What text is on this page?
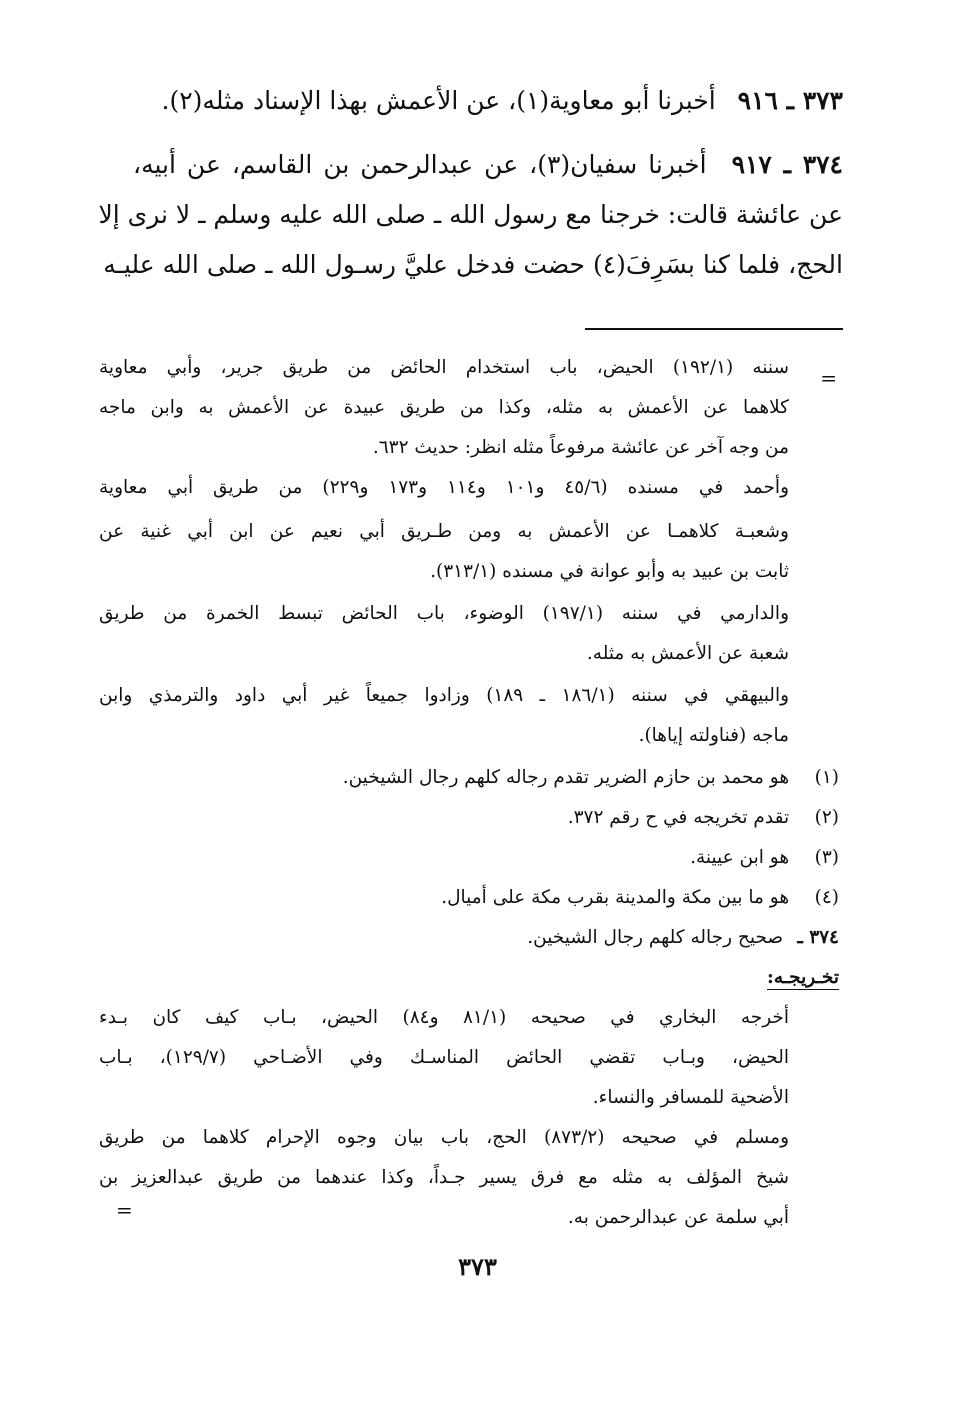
٣٧٣ ـ ٩١٦ أخبرنا أبو معاوية(١)، عن الأعمش بهذا الإسناد مثله(٢).
٣٧٤ ـ ٩١٧ أخبرنا سفيان(٣)، عن عبدالرحمن بن القاسم، عن أبيه،
عن عائشة قالت: خرجنا مع رسول الله ـ صلى الله عليه وسلم ـ لا نرى إلا
الحج، فلما كنا بسَرِفَ(٤) حضت فدخل عليَّ رسـول الله ـ صلى الله عليـه
=
سننه (١٩٢/١) الحيض، باب استخدام الحائض من طريق جرير، وأبي معاوية
كلاهما عن الأعمش به مثله، وكذا من طريق عبيدة عن الأعمش به وابن ماجه
من وجه آخر عن عائشة مرفوعاً مثله انظر: حديث ٦٣٢.
وأحمد في مسنده (٤٥/٦ و١٠١ و١١٤ و١٧٣ و٢٢٩) من طريق أبي معاوية
وشعبـة كلاهمـا عن الأعمش به ومن طـريق أبي نعيم عن ابن أبي غنية عن
ثابت بن عبيد به وأبو عوانة في مسنده (٣١٣/١).
والدارمي في سننه (١٩٧/١) الوضوء، باب الحائض تبسط الخمرة من طريق
شعبة عن الأعمش به مثله.
والبيهقي في سننه (١٨٦/١ ـ ١٨٩) وزادوا جميعاً غير أبي داود والترمذي وابن
ماجه (فناولته إياها).
(١) هو محمد بن حازم الضرير تقدم رجاله كلهم رجال الشيخين.
(٢) تقدم تخريجه في ح رقم ٣٧٢.
(٣) هو ابن عيينة.
(٤) هو ما بين مكة والمدينة بقرب مكة على أميال.
٣٧٤ ـ صحيح رجاله كلهم رجال الشيخين.
تخـريجـه:
أخرجه البخاري في صحيحه (٨١/١ و٨٤) الحيض، بـاب كيف كان بـدء
الحيض، وبـاب تقضي الحائض المناسـك وفي الأضـاحي (١٢٩/٧)، بـاب
الأضحية للمسافر والنساء.
ومسلم في صحيحه (٨٧٣/٢) الحج، باب بيان وجوه الإحرام كلاهما من طريق
شيخ المؤلف به مثله مع فرق يسير جـداً، وكذا عندهما من طريق عبدالعزيز بن
أبي سلمة عن عبدالرحمن به.
=
٣٧٣
